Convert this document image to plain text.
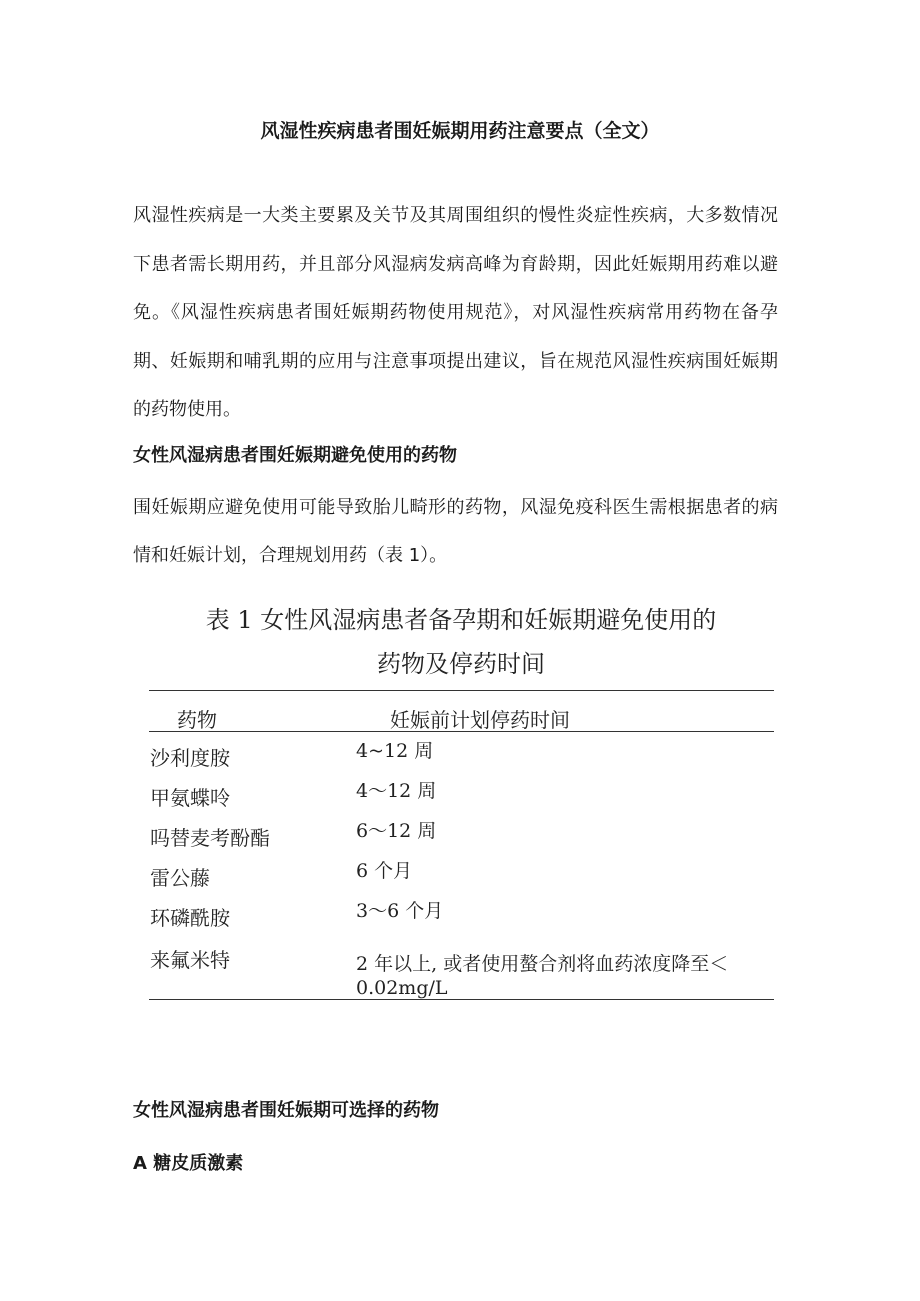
风湿性疾病患者围妊娠期用药注意要点（全文）

风湿性疾病是一大类主要累及关节及其周围组织的慢性炎症性疾病，大多数情况下患者需长期用药，并且部分风湿病发病高峰为育龄期，因此妊娠期用药难以避免。《风湿性疾病患者围妊娠期药物使用规范》，对风湿性疾病常用药物在备孕期、妊娠期和哺乳期的应用与注意事项提出建议，旨在规范风湿性疾病围妊娠期的药物使用。

女性风湿病患者围妊娠期避免使用的药物

围妊娠期应避免使用可能导致胎儿畸形的药物，风湿免疫科医生需根据患者的病情和妊娠计划，合理规划用药（表 1）。

表 1 女性风湿病患者备孕期和妊娠期避免使用的
药物及停药时间
药物	妊娠前计划停药时间
沙利度胺	4~12 周
甲氨蝶呤	4～12 周
吗替麦考酚酯	6～12 周
雷公藤	6 个月
环磷酰胺	3～6 个月
来氟米特	2 年以上, 或者使用螯合剂将血药浓度降至＜0.02mg/L
女性风湿病患者围妊娠期可选择的药物
A 糖皮质激素
